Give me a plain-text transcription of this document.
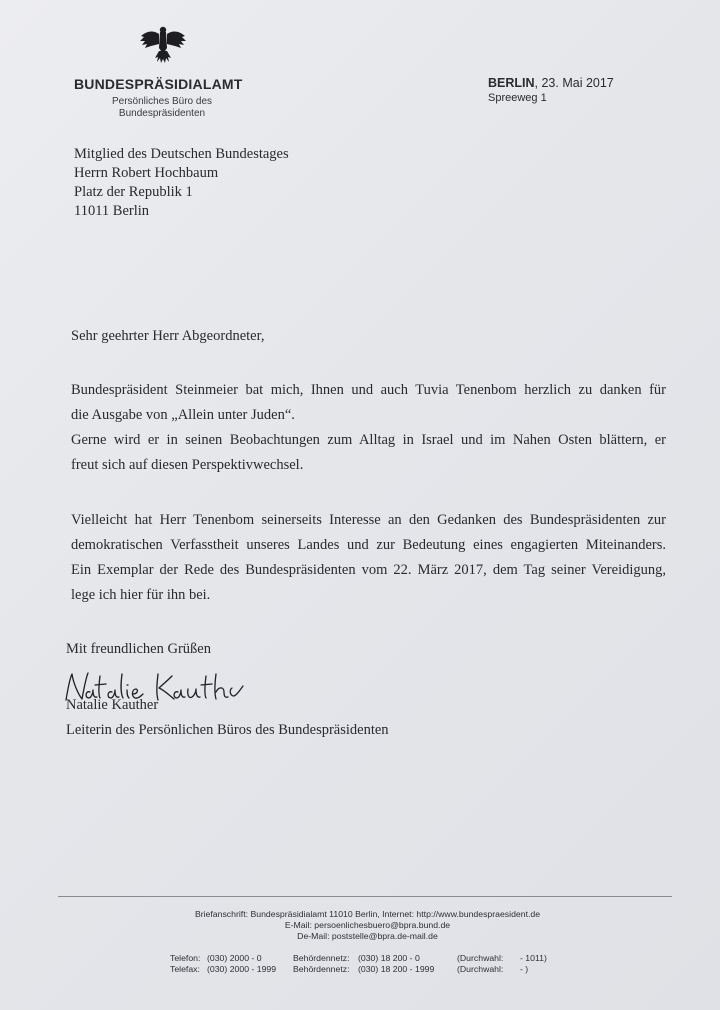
BUNDESPRÄSIDIALAMT
Persönliches Büro des
Bundespräsidenten
BERLIN, 23. Mai 2017
Spreeweg 1
Mitglied des Deutschen Bundestages
Herrn Robert Hochbaum
Platz der Republik 1
11011 Berlin
Sehr geehrter Herr Abgeordneter,
Bundespräsident Steinmeier bat mich, Ihnen und auch Tuvia Tenenbom herzlich zu danken für
die Ausgabe von „Allein unter Juden“.

Gerne wird er in seinen Beobachtungen zum Alltag in Israel und im Nahen Osten blättern, er
freut sich auf diesen Perspektivwechsel.
Vielleicht hat Herr Tenenbom seinerseits Interesse an den Gedanken des Bundespräsidenten zur
demokratischen Verfasstheit unseres Landes und zur Bedeutung eines engagierten Miteinanders.
Ein Exemplar der Rede des Bundespräsidenten vom 22. März 2017, dem Tag seiner Vereidigung,
lege ich hier für ihn bei.
Mit freundlichen Grüßen
Natalie Kauther
Leiterin des Persönlichen Büros des Bundespräsidenten
Briefanschrift: Bundespräsidialamt 11010 Berlin, Internet: http://www.bundespraesident.de
E-Mail: persoenlichesbuero@bpra.bund.de
De-Mail: poststelle@bpra.de-mail.de
Telefon: (030) 2000 - 0	Behördennetz: (030) 18 200 - 0	(Durchwahl: - 1011)
Telefax: (030) 2000 - 1999 Behördennetz: (030) 18 200 - 1999	(Durchwahl: - )
